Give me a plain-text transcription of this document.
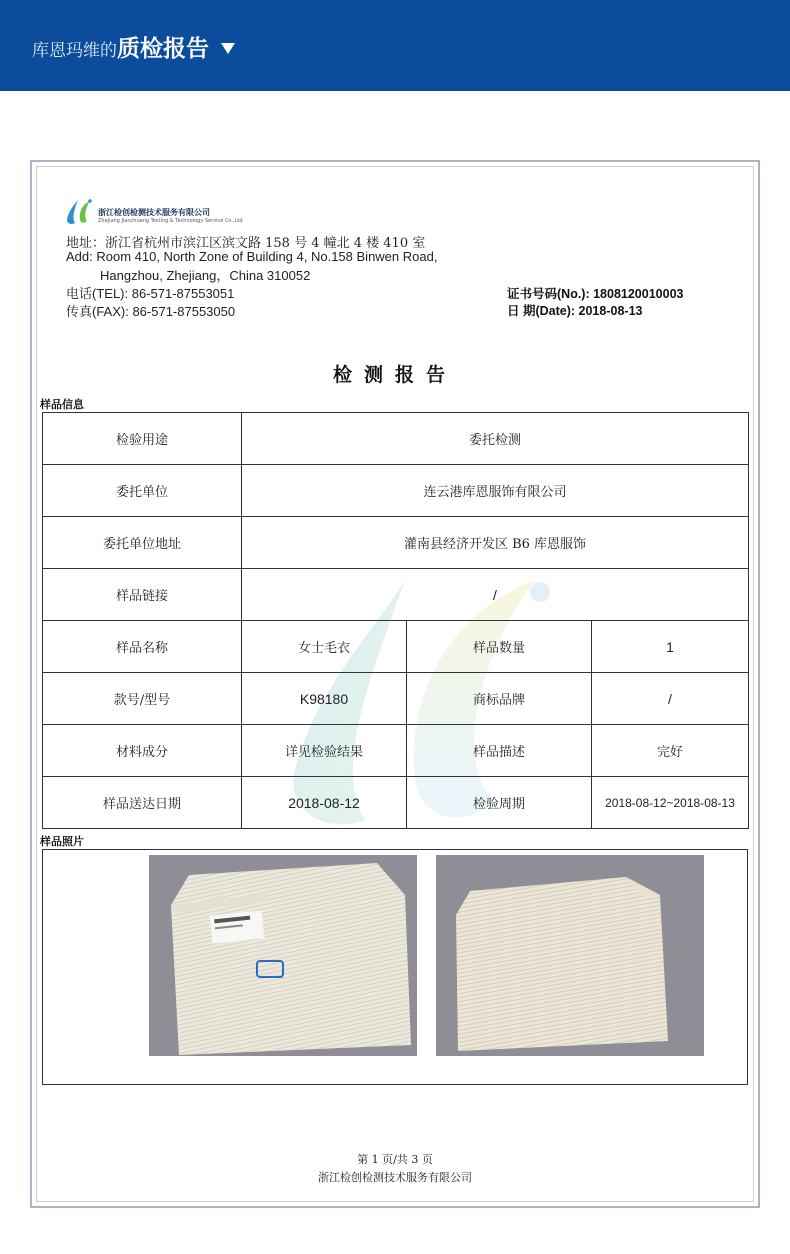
库恩玛维的质检报告
浙江检创检测技术服务有限公司
Zhejiang Jianchuang Testing & Technology Service Co.,Ltd
地址：浙江省杭州市滨江区滨文路 158 号 4 幢北 4 楼 410 室
Add: Room 410, North Zone of Building 4, No.158 Binwen Road,
Hangzhou, Zhejiang，China 310052
电话(TEL): 86-571-87553051
传真(FAX): 86-571-87553050
证书号码(No.): 1808120010003
日 期(Date): 2018-08-13
检测报告
样品信息
检验用途	委托检测		
委托单位	连云港库恩服饰有限公司		
委托单位地址	灌南县经济开发区 B6 库恩服饰		
样品链接	/		
样品名称	女士毛衣	样品数量	1
款号/型号	K98180	商标品牌	/
材料成分	详见检验结果	样品描述	完好
样品送达日期	2018-08-12	检验周期	2018-08-12~2018-08-13
样品照片
第 1 页/共 3 页
浙江检创检测技术服务有限公司
